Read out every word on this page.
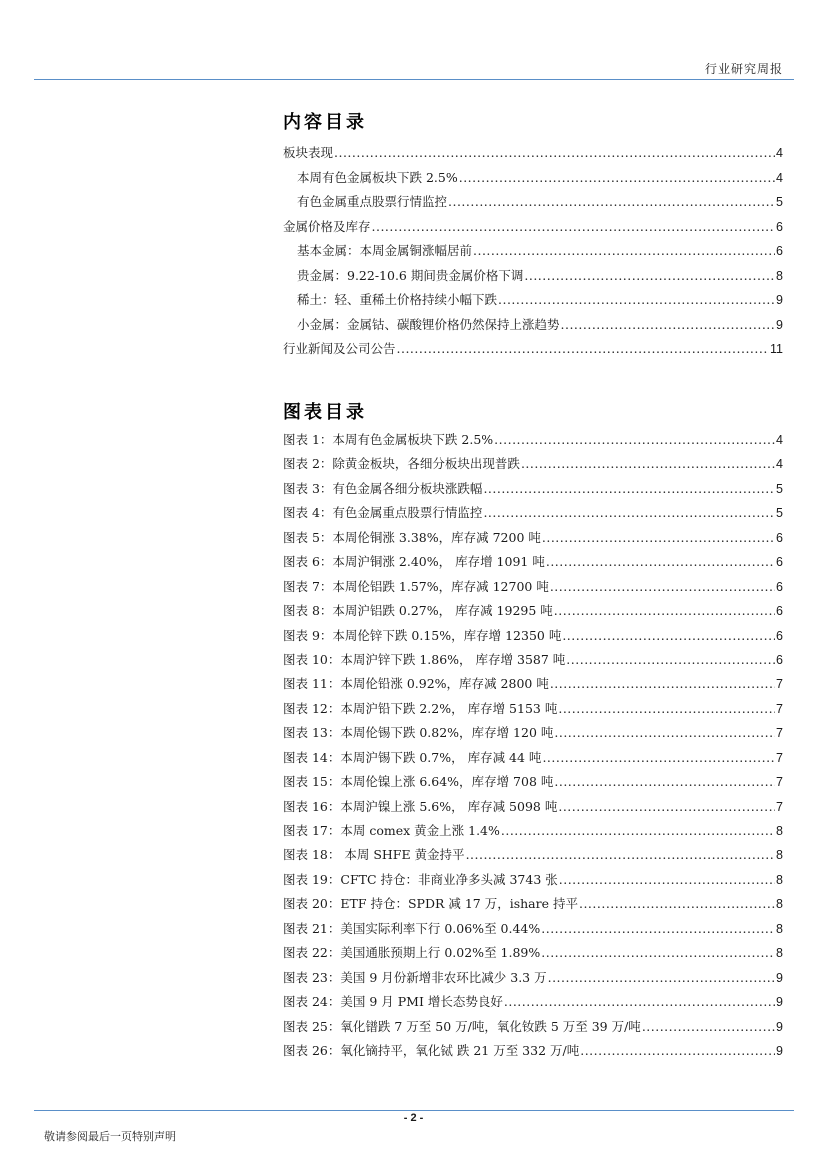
行业研究周报
内容目录
板块表现 .....	4
本周有色金属板块下跌 2.5% .....	4
有色金属重点股票行情监控 .....	5
金属价格及库存 .....	6
基本金属：本周金属铜涨幅居前 .....	6
贵金属：9.22-10.6 期间贵金属价格下调 .....	8
稀土：轻、重稀土价格持续小幅下跌 .....	9
小金属：金属钴、碳酸锂价格仍然保持上涨趋势 .....	9
行业新闻及公司公告 .....	11
图表目录
图表 1：本周有色金属板块下跌 2.5% .....	4
图表 2：除黄金板块，各细分板块出现普跌 .....	4
图表 3：有色金属各细分板块涨跌幅 .....	5
图表 4：有色金属重点股票行情监控 .....	5
图表 5：本周伦铜涨 3.38%，库存减 7200 吨 .....	6
图表 6：本周沪铜涨 2.40%， 库存增 1091 吨 .....	6
图表 7：本周伦铝跌 1.57%，库存减 12700 吨 .....	6
图表 8：本周沪铝跌 0.27%， 库存减 19295 吨 .....	6
图表 9：本周伦锌下跌 0.15%，库存增 12350 吨 .....	6
图表 10：本周沪锌下跌 1.86%， 库存增 3587 吨 .....	6
图表 11：本周伦铅涨 0.92%，库存减 2800 吨 .....	7
图表 12：本周沪铅下跌 2.2%， 库存增 5153 吨 .....	7
图表 13：本周伦锡下跌 0.82%，库存增 120 吨 .....	7
图表 14：本周沪锡下跌 0.7%， 库存减 44 吨 .....	7
图表 15：本周伦镍上涨 6.64%，库存增 708 吨 .....	7
图表 16：本周沪镍上涨 5.6%， 库存减 5098 吨 .....	7
图表 17：本周 comex 黄金上涨 1.4% .....	8
图表 18： 本周 SHFE 黄金持平 .....	8
图表 19：CFTC 持仓：非商业净多头减 3743 张 .....	8
图表 20：ETF 持仓：SPDR 减 17 万，ishare 持平 .....	8
图表 21：美国实际利率下行 0.06%至 0.44% .....	8
图表 22：美国通胀预期上行 0.02%至 1.89% .....	8
图表 23：美国 9 月份新增非农环比减少 3.3 万 .....	9
图表 24：美国 9 月 PMI 增长态势良好 .....	9
图表 25：氧化镨跌 7 万至 50 万/吨，氧化钕跌 5 万至 39 万/吨 .....	9
图表 26：氧化镝持平，氧化铽 跌 21 万至 332 万/吨 .....	9
- 2 -
敬请参阅最后一页特别声明
